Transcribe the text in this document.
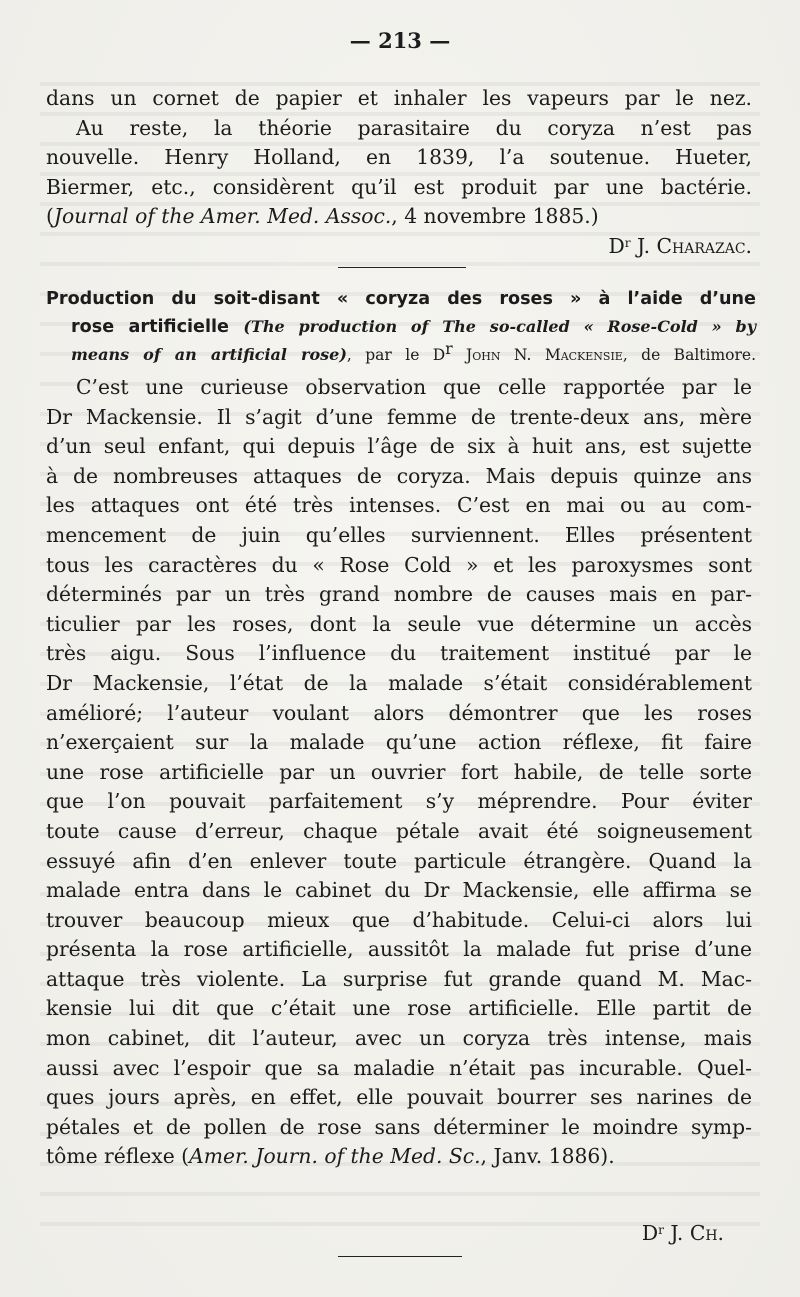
— 213 —
dans un cornet de papier et inhaler les vapeurs par le nez.
Au reste, la théorie parasitaire du coryza n’est pas
nouvelle. Henry Holland, en 1839, l’a soutenue. Hueter,
Biermer, etc., considèrent qu’il est produit par une bactérie.
(Journal of the Amer. Med. Assoc., 4 novembre 1885.)
$D^r$ J. Charazac.
Production du soit-disant « coryza des roses » à l’aide d’une
rose artificielle (The production of The so-called « Rose-Cold » by
means of an artificial rose), par le $D^r$ John N. Mackensie, de Baltimore.
C’est une curieuse observation que celle rapportée par le
Dr Mackensie. Il s’agit d’une femme de trente-deux ans, mère
d’un seul enfant, qui depuis l’âge de six à huit ans, est sujette
à de nombreuses attaques de coryza. Mais depuis quinze ans
les attaques ont été très intenses. C’est en mai ou au com-
mencement de juin qu’elles surviennent. Elles présentent
tous les caractères du « Rose Cold » et les paroxysmes sont
déterminés par un très grand nombre de causes mais en par-
ticulier par les roses, dont la seule vue détermine un accès
très aigu. Sous l’influence du traitement institué par le
Dr Mackensie, l’état de la malade s’était considérablement
amélioré; l’auteur voulant alors démontrer que les roses
n’exerçaient sur la malade qu’une action réflexe, fit faire
une rose artificielle par un ouvrier fort habile, de telle sorte
que l’on pouvait parfaitement s’y méprendre. Pour éviter
toute cause d’erreur, chaque pétale avait été soigneusement
essuyé afin d’en enlever toute particule étrangère. Quand la
malade entra dans le cabinet du Dr Mackensie, elle affirma se
trouver beaucoup mieux que d’habitude. Celui-ci alors lui
présenta la rose artificielle, aussitôt la malade fut prise d’une
attaque très violente. La surprise fut grande quand M. Mac-
kensie lui dit que c’était une rose artificielle. Elle partit de
mon cabinet, dit l’auteur, avec un coryza très intense, mais
aussi avec l’espoir que sa maladie n’était pas incurable. Quel-
ques jours après, en effet, elle pouvait bourrer ses narines de
pétales et de pollen de rose sans déterminer le moindre symp-
tôme réflexe (Amer. Journ. of the Med. Sc., Janv. 1886).
$D^r$ J. Ch.
